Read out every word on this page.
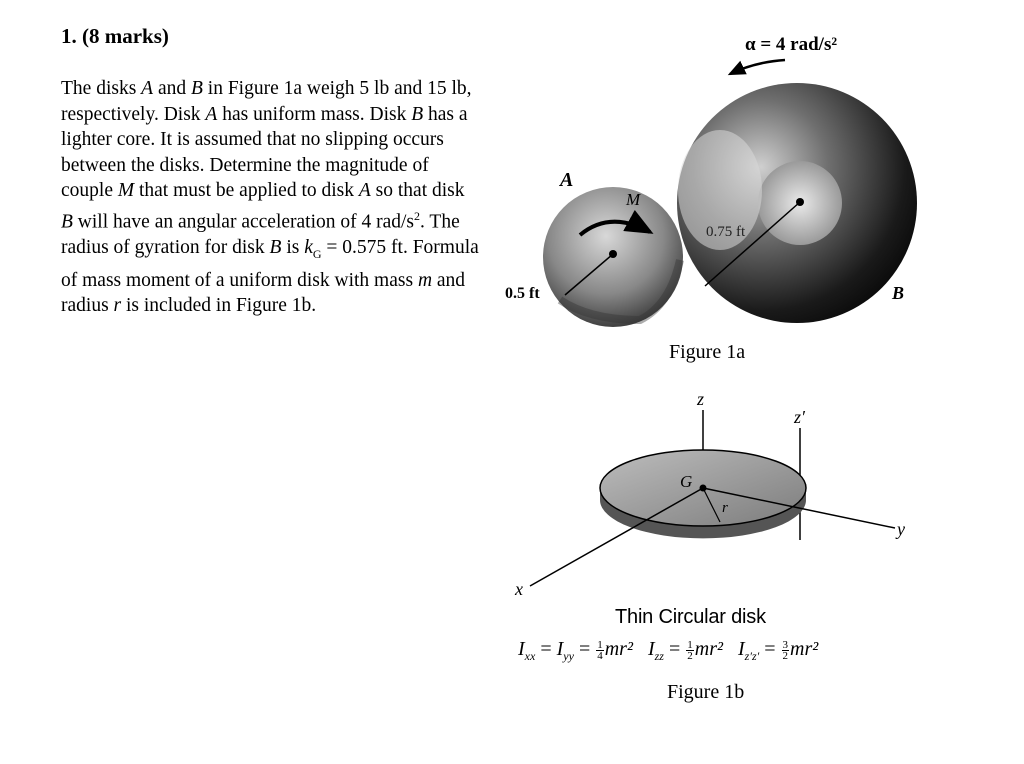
1. (8 marks)

The disks A and B in Figure 1a weigh 5 lb and 15 lb, respectively. Disk A has uniform mass. Disk B has a lighter core. It is assumed that no slipping occurs between the disks. Determine the magnitude of couple M that must be applied to disk A so that disk B will have an angular acceleration of 4 rad/$s^2$. The radius of gyration for disk B is $k_G = 0.575$ ft. Formula of mass moment of a uniform disk with mass m and radius r is included in Figure 1b.

α = 4 rad/s²
A
M
0.5 ft
0.75 ft
B
z
z′
y
x
G
r
Figure 1a
Thin Circular disk
$I_{xx} = I_{yy} = \frac{1}{4} mr^2$ $I_{zz} = \frac{1}{2} mr^2$ $I_{z'z'} = \frac{3}{2} mr^2$
Figure 1b
